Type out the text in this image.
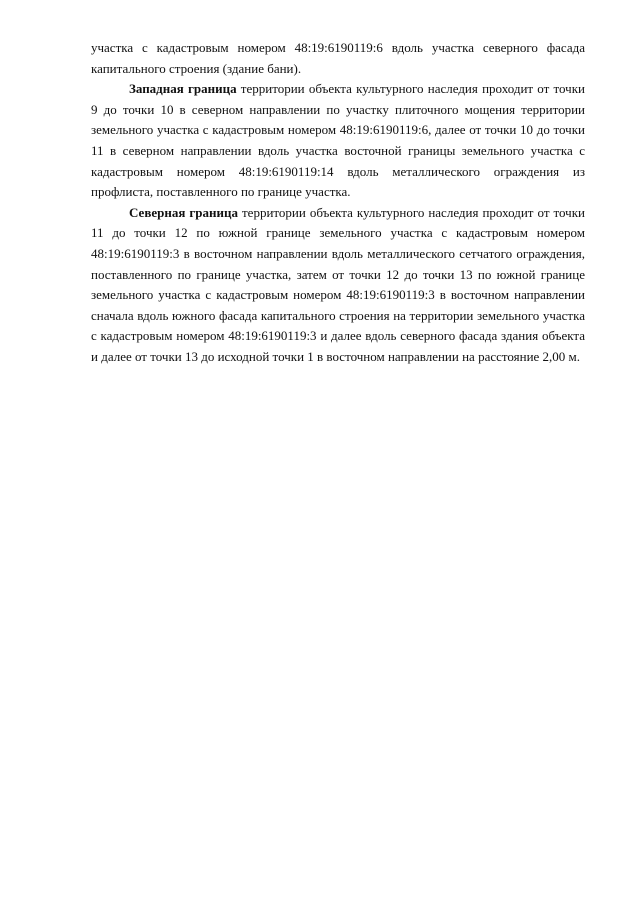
участка с кадастровым номером 48:19:6190119:6 вдоль участка северного фасада капитального строения (здание бани).

Западная граница территории объекта культурного наследия проходит от точки 9 до точки 10 в северном направлении по участку плиточного мощения территории земельного участка с кадастровым номером 48:19:6190119:6, далее от точки 10 до точки 11 в северном направлении вдоль участка восточной границы земельного участка с кадастровым номером 48:19:6190119:14 вдоль металлического ограждения из профлиста, поставленного по границе участка.

Северная граница территории объекта культурного наследия проходит от точки 11 до точки 12 по южной границе земельного участка с кадастровым номером 48:19:6190119:3 в восточном направлении вдоль металлического сетчатого ограждения, поставленного по границе участка, затем от точки 12 до точки 13 по южной границе земельного участка с кадастровым номером 48:19:6190119:3 в восточном направлении сначала вдоль южного фасада капитального строения на территории земельного участка с кадастровым номером 48:19:6190119:3 и далее вдоль северного фасада здания объекта и далее от точки 13 до исходной точки 1 в восточном направлении на расстояние 2,00 м.
